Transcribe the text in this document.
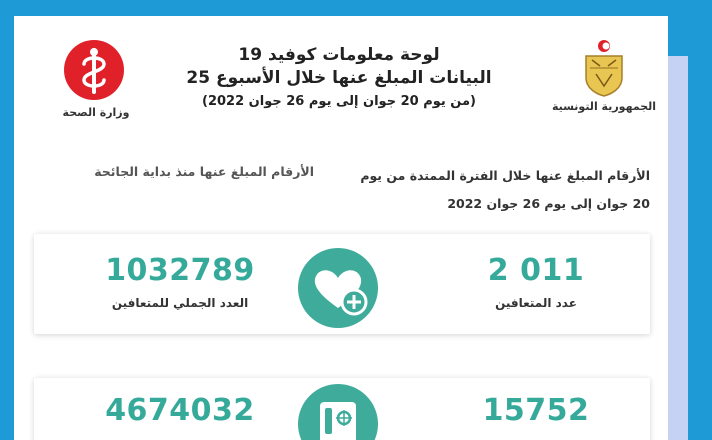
وزارة الصحة	الجمهورية التونسية
لوحة معلومات كوفيد 19
البيانات المبلغ عنها خلال الأسبوع 25
(من يوم 20 جوان إلى يوم 26 جوان 2022)
الأرقام المبلغ عنها منذ بداية الجائحة	الأرقام المبلغ عنها خلال الفترة الممتدة من يوم
20 جوان إلى يوم 26 جوان 2022
1032789
العدد الجملي للمتعافين
2 011
عدد المتعافين
4674032	15752
